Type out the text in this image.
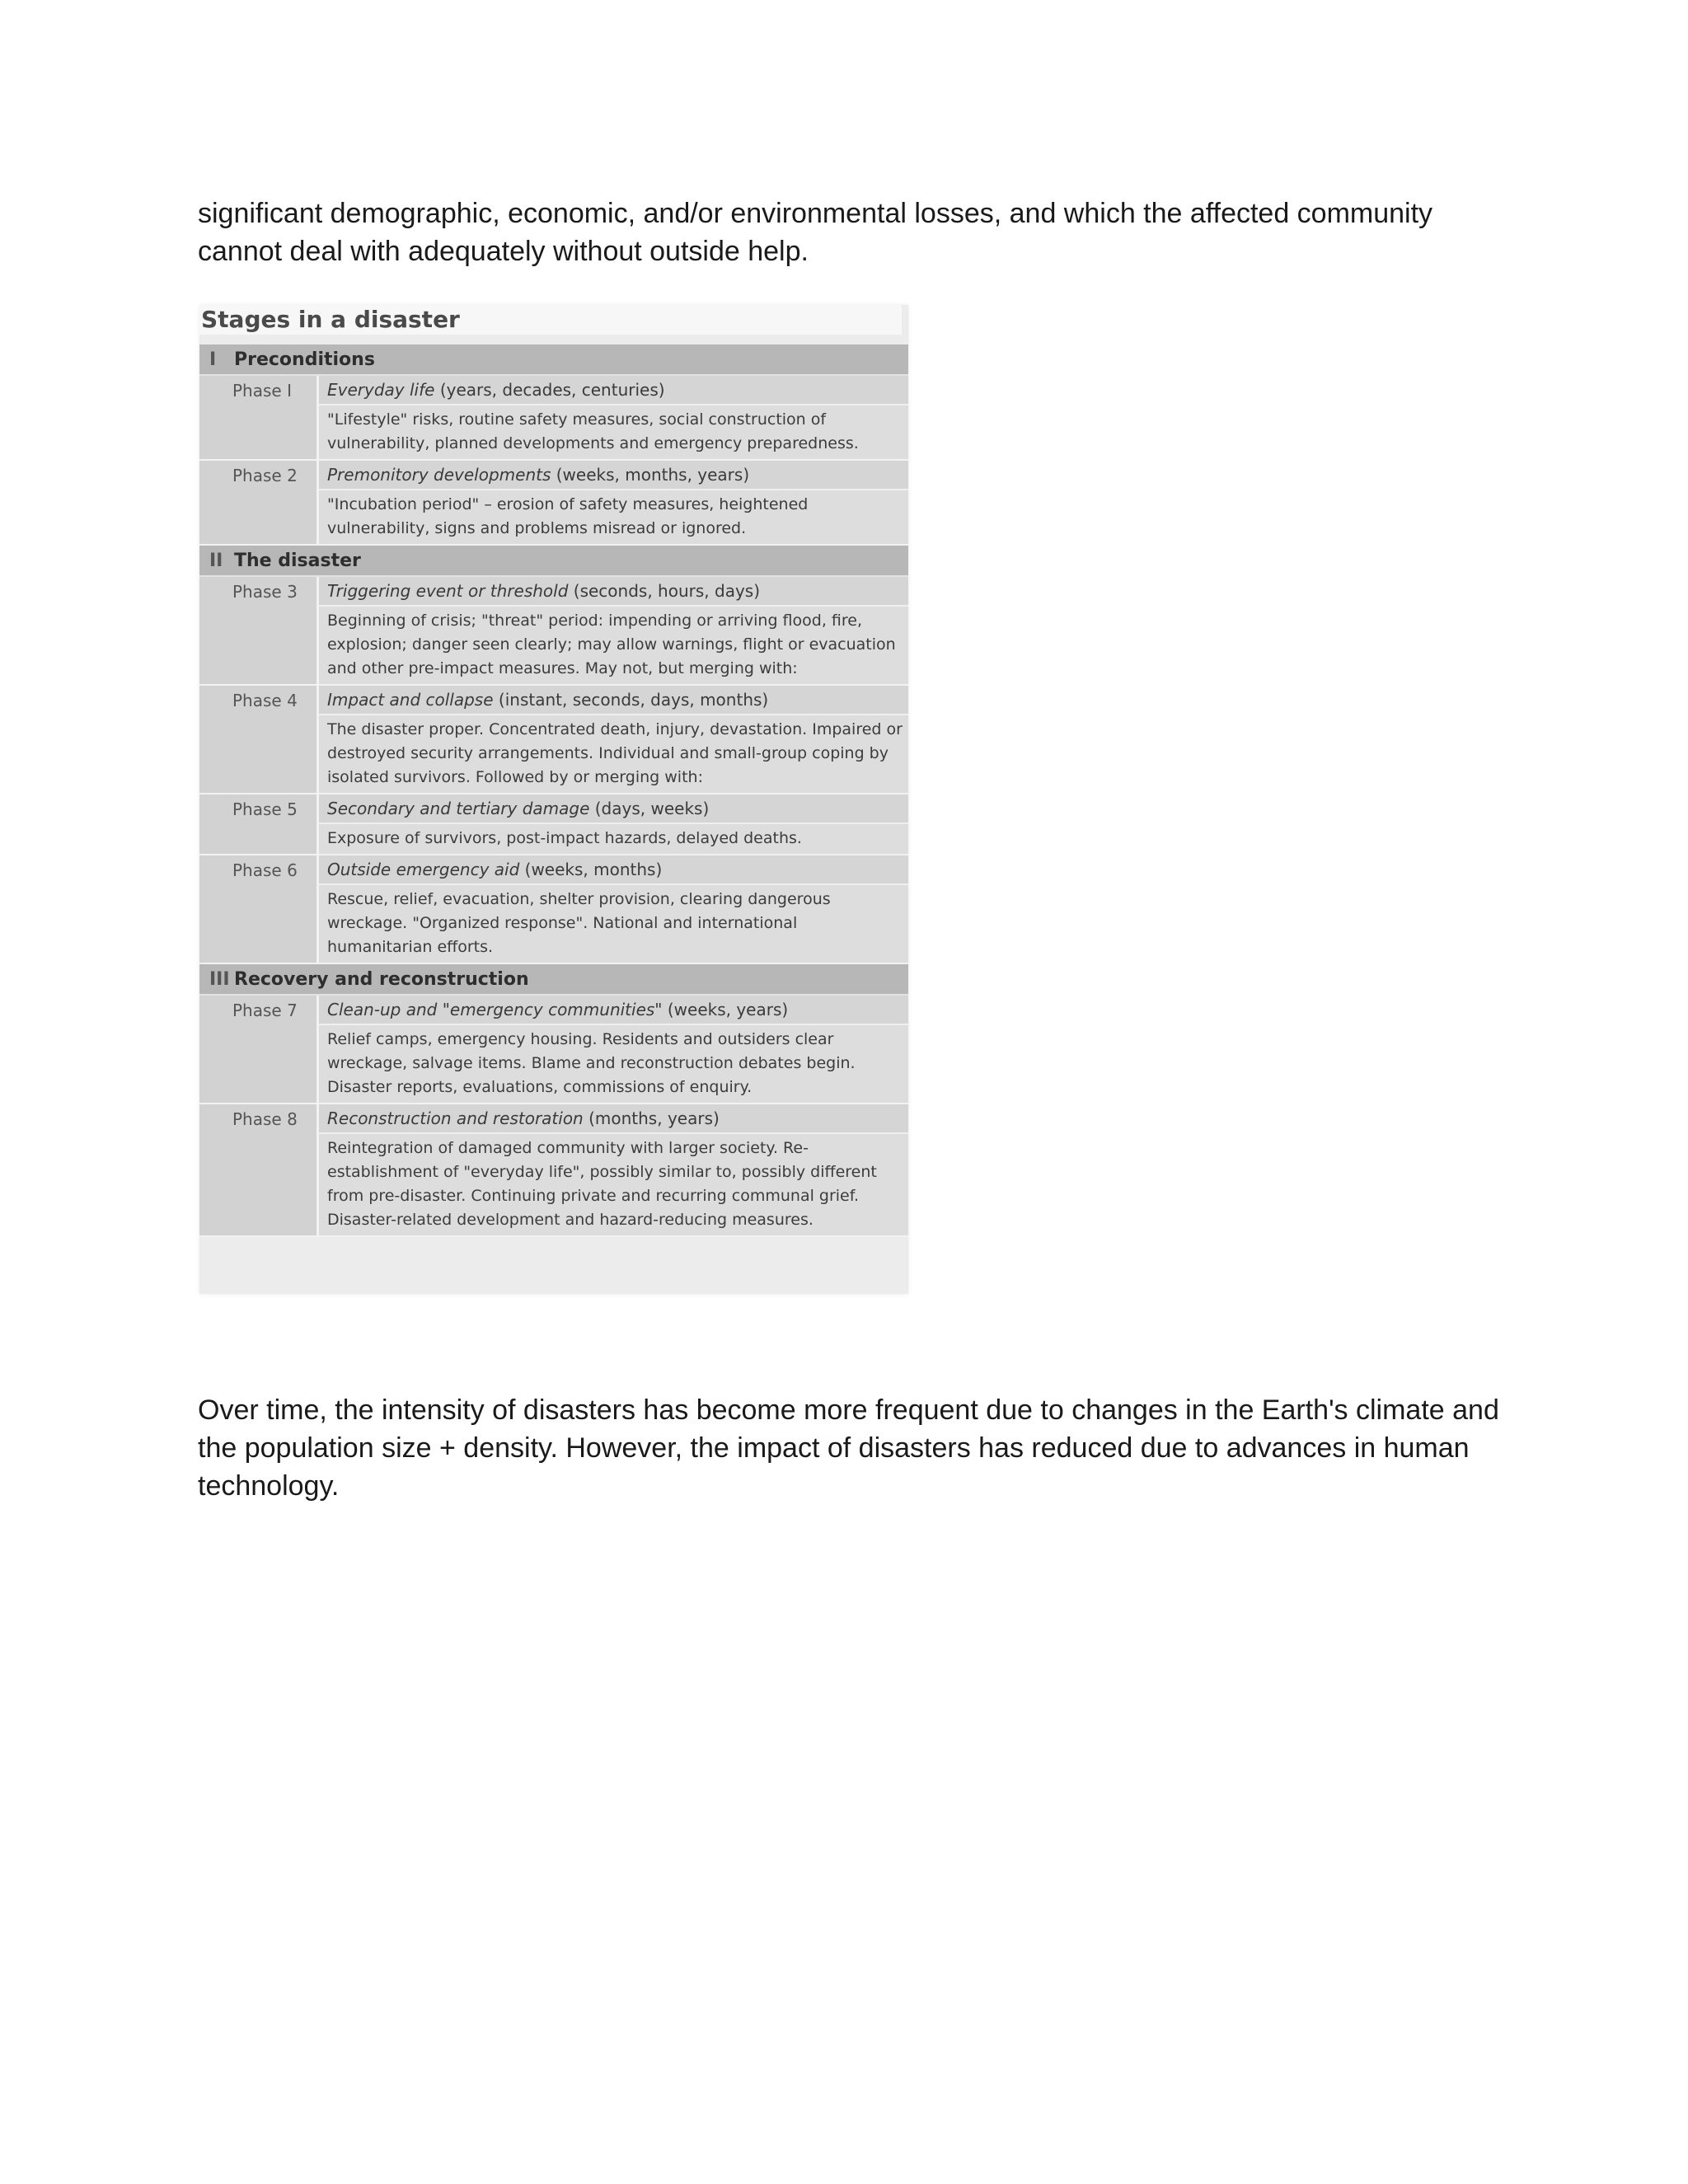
significant demographic, economic, and/or environmental losses, and which the affected community cannot deal with adequately without outside help.

Stages in a disaster
I Preconditions
Phase I	Everyday life (years, decades, centuries)
"Lifestyle" risks, routine safety measures, social construction of vulnerability, planned developments and emergency preparedness.
Phase 2	Premonitory developments (weeks, months, years)
"Incubation period" – erosion of safety measures, heightened vulnerability, signs and problems misread or ignored.
II The disaster
Phase 3	Triggering event or threshold (seconds, hours, days)
Beginning of crisis; "threat" period: impending or arriving flood, fire, explosion; danger seen clearly; may allow warnings, flight or evacuation and other pre-impact measures. May not, but merging with:
Phase 4	Impact and collapse (instant, seconds, days, months)
The disaster proper. Concentrated death, injury, devastation. Impaired or destroyed security arrangements. Individual and small-group coping by isolated survivors. Followed by or merging with:
Phase 5	Secondary and tertiary damage (days, weeks)
Exposure of survivors, post-impact hazards, delayed deaths.
Phase 6	Outside emergency aid (weeks, months)
Rescue, relief, evacuation, shelter provision, clearing dangerous wreckage. "Organized response". National and international humanitarian efforts.
III Recovery and reconstruction
Phase 7	Clean-up and "emergency communities" (weeks, years)
Relief camps, emergency housing. Residents and outsiders clear wreckage, salvage items. Blame and reconstruction debates begin. Disaster reports, evaluations, commissions of enquiry.
Phase 8	Reconstruction and restoration (months, years)
Reintegration of damaged community with larger society. Re-establishment of "everyday life", possibly similar to, possibly different from pre-disaster. Continuing private and recurring communal grief. Disaster-related development and hazard-reducing measures.

Over time, the intensity of disasters has become more frequent due to changes in the Earth's climate and the population size + density. However, the impact of disasters has reduced due to advances in human technology.
